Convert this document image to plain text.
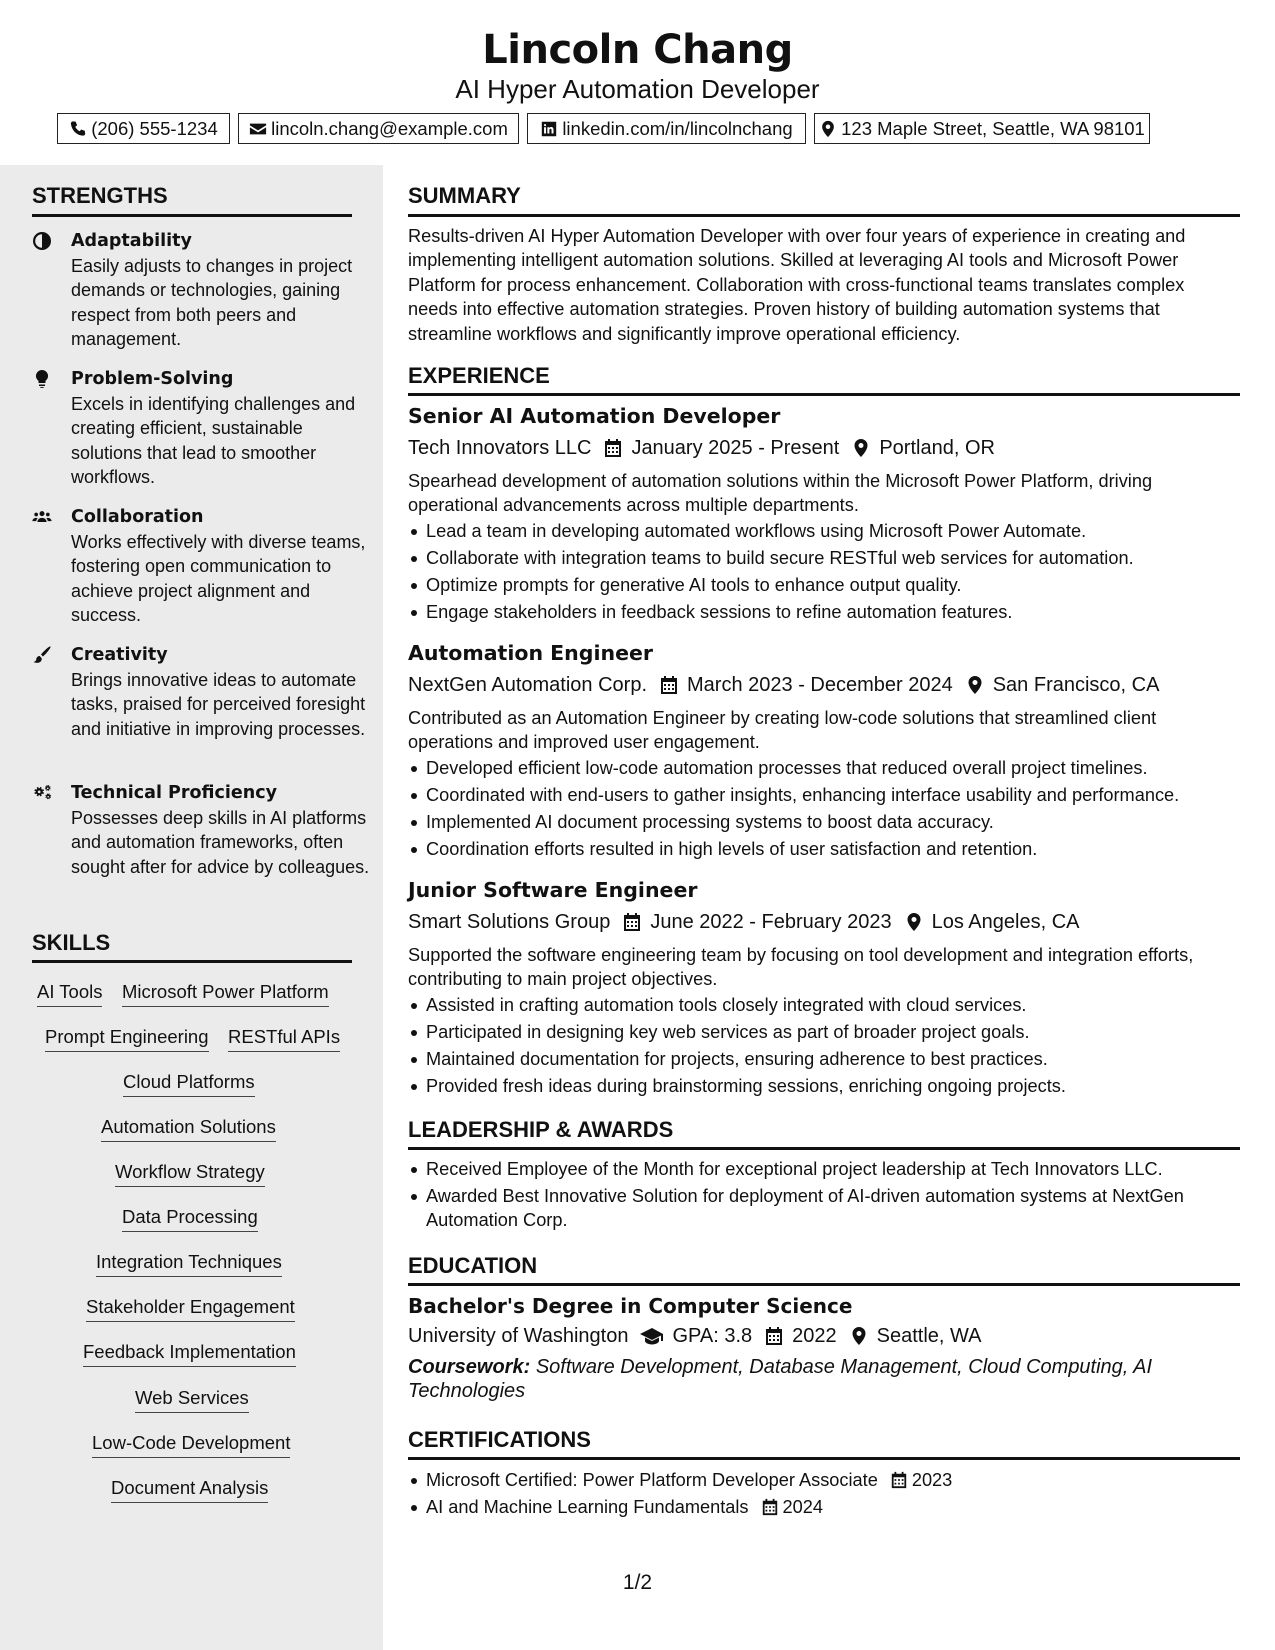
Lincoln Chang
AI Hyper Automation Developer
(206) 555-1234	lincoln.chang@example.com	linkedin.com/in/lincolnchang	123 Maple Street, Seattle, WA 98101
STRENGTHS
Adaptability
Easily adjusts to changes in project demands or technologies, gaining respect from both peers and management.
Problem-Solving
Excels in identifying challenges and creating efficient, sustainable solutions that lead to smoother workflows.
Collaboration
Works effectively with diverse teams, fostering open communication to achieve project alignment and success.
Creativity
Brings innovative ideas to automate tasks, praised for perceived foresight and initiative in improving processes.
Technical Proficiency
Possesses deep skills in AI platforms and automation frameworks, often sought after for advice by colleagues.
SKILLS
AI Tools Microsoft Power Platform
Prompt Engineering RESTful APIs
Cloud Platforms
Automation Solutions
Workflow Strategy
Data Processing
Integration Techniques
Stakeholder Engagement
Feedback Implementation
Web Services
Low-Code Development
Document Analysis
SUMMARY
Results-driven AI Hyper Automation Developer with over four years of experience in creating and implementing intelligent automation solutions. Skilled at leveraging AI tools and Microsoft Power Platform for process enhancement. Collaboration with cross-functional teams translates complex needs into effective automation strategies. Proven history of building automation systems that streamline workflows and significantly improve operational efficiency.
EXPERIENCE
Senior AI Automation Developer
Tech Innovators LLC January 2025 - Present Portland, OR
Spearhead development of automation solutions within the Microsoft Power Platform, driving operational advancements across multiple departments.
Lead a team in developing automated workflows using Microsoft Power Automate.
Collaborate with integration teams to build secure RESTful web services for automation.
Optimize prompts for generative AI tools to enhance output quality.
Engage stakeholders in feedback sessions to refine automation features.
Automation Engineer
NextGen Automation Corp. March 2023 - December 2024 San Francisco, CA
Contributed as an Automation Engineer by creating low-code solutions that streamlined client operations and improved user engagement.
Developed efficient low-code automation processes that reduced overall project timelines.
Coordinated with end-users to gather insights, enhancing interface usability and performance.
Implemented AI document processing systems to boost data accuracy.
Coordination efforts resulted in high levels of user satisfaction and retention.
Junior Software Engineer
Smart Solutions Group June 2022 - February 2023 Los Angeles, CA
Supported the software engineering team by focusing on tool development and integration efforts, contributing to main project objectives.
Assisted in crafting automation tools closely integrated with cloud services.
Participated in designing key web services as part of broader project goals.
Maintained documentation for projects, ensuring adherence to best practices.
Provided fresh ideas during brainstorming sessions, enriching ongoing projects.
LEADERSHIP & AWARDS
Received Employee of the Month for exceptional project leadership at Tech Innovators LLC.
Awarded Best Innovative Solution for deployment of AI-driven automation systems at NextGen Automation Corp.
EDUCATION
Bachelor's Degree in Computer Science
University of Washington GPA: 3.8 2022 Seattle, WA
Coursework: Software Development, Database Management, Cloud Computing, AI Technologies
CERTIFICATIONS
Microsoft Certified: Power Platform Developer Associate 2023
AI and Machine Learning Fundamentals 2024
1/2
